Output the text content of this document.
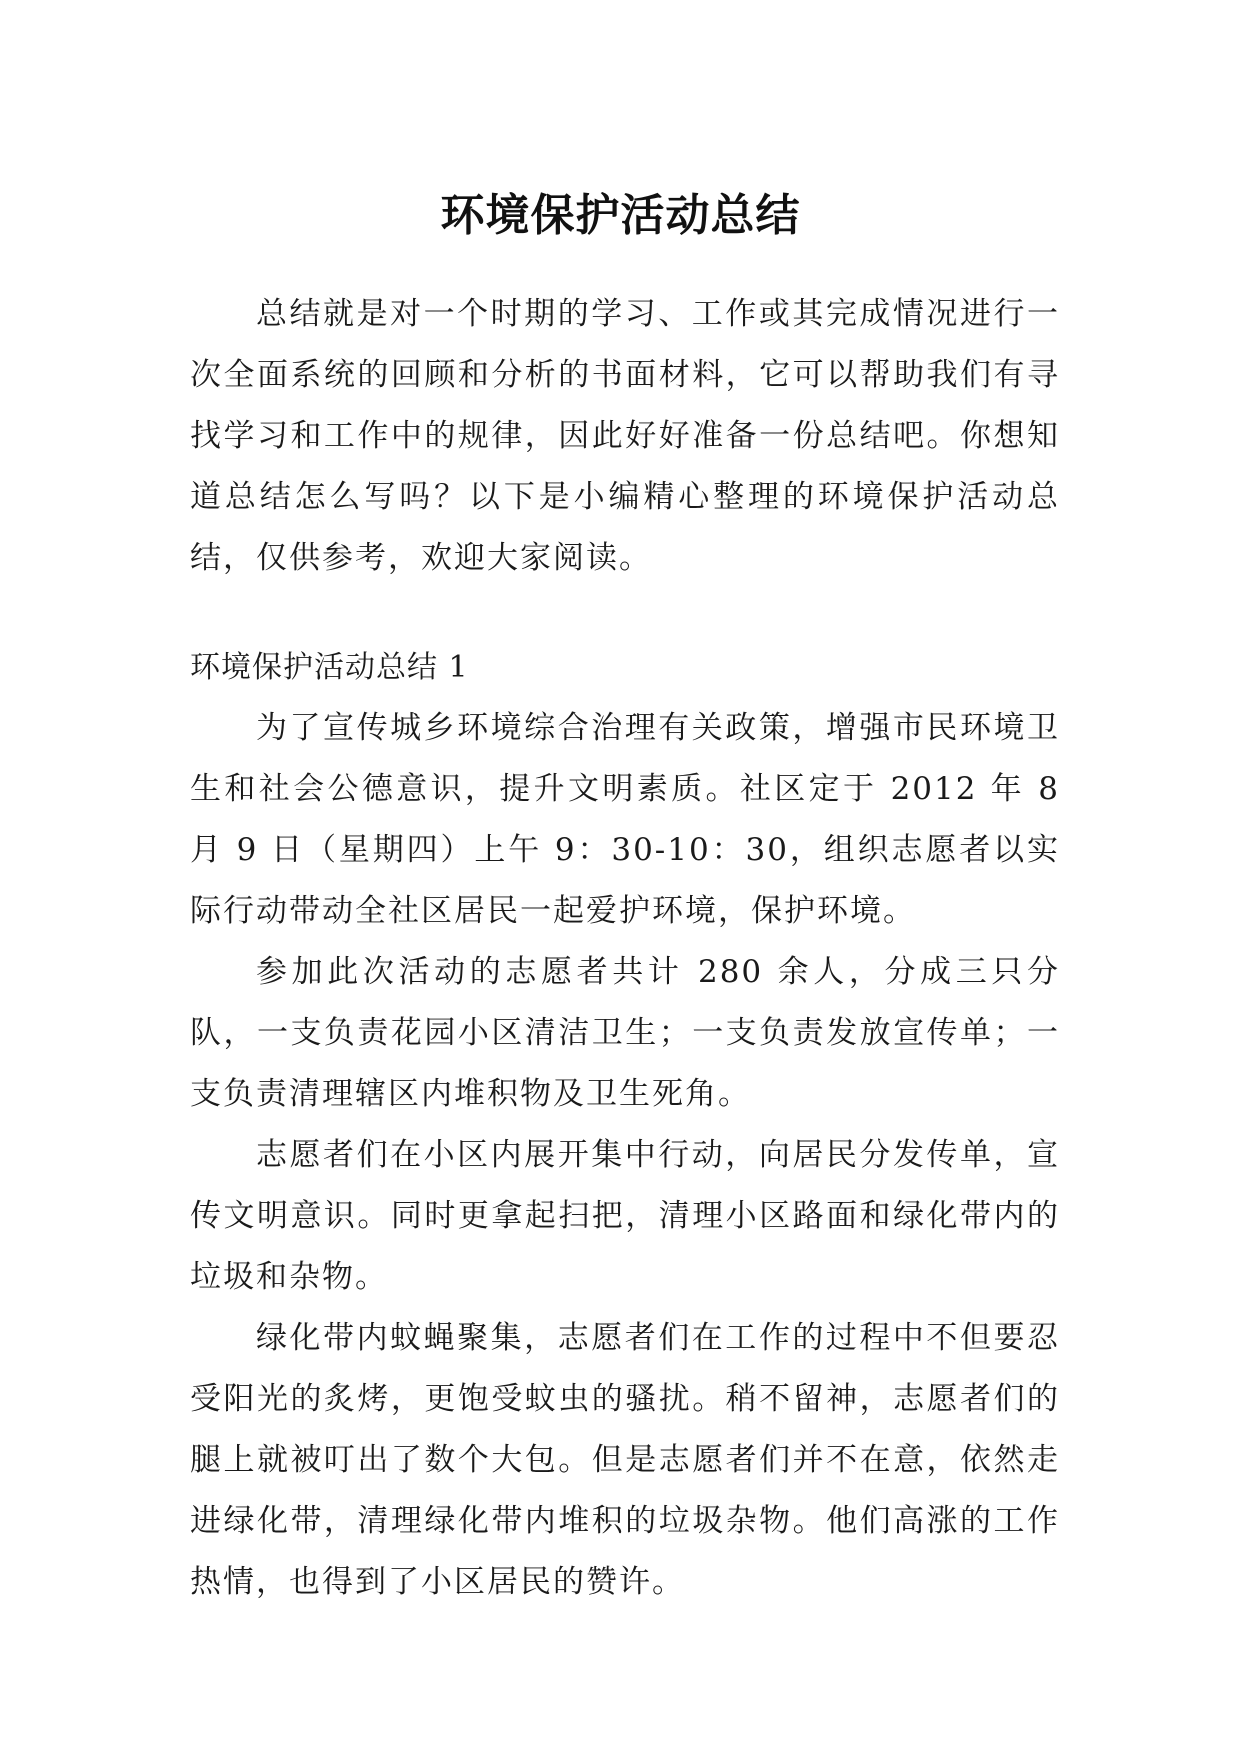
环境保护活动总结

总结就是对一个时期的学习、工作或其完成情况进行一次全面系统的回顾和分析的书面材料，它可以帮助我们有寻找学习和工作中的规律，因此好好准备一份总结吧。你想知道总结怎么写吗？以下是小编精心整理的环境保护活动总结，仅供参考，欢迎大家阅读。

环境保护活动总结 1

为了宣传城乡环境综合治理有关政策，增强市民环境卫生和社会公德意识，提升文明素质。社区定于 2012 年 8 月 9 日（星期四）上午 9：30-10：30，组织志愿者以实际行动带动全社区居民一起爱护环境，保护环境。

参加此次活动的志愿者共计 280 余人，分成三只分队，一支负责花园小区清洁卫生；一支负责发放宣传单；一支负责清理辖区内堆积物及卫生死角。

志愿者们在小区内展开集中行动，向居民分发传单，宣传文明意识。同时更拿起扫把，清理小区路面和绿化带内的垃圾和杂物。

绿化带内蚊蝇聚集，志愿者们在工作的过程中不但要忍受阳光的炙烤，更饱受蚊虫的骚扰。稍不留神，志愿者们的腿上就被叮出了数个大包。但是志愿者们并不在意，依然走进绿化带，清理绿化带内堆积的垃圾杂物。他们高涨的工作热情，也得到了小区居民的赞许。
